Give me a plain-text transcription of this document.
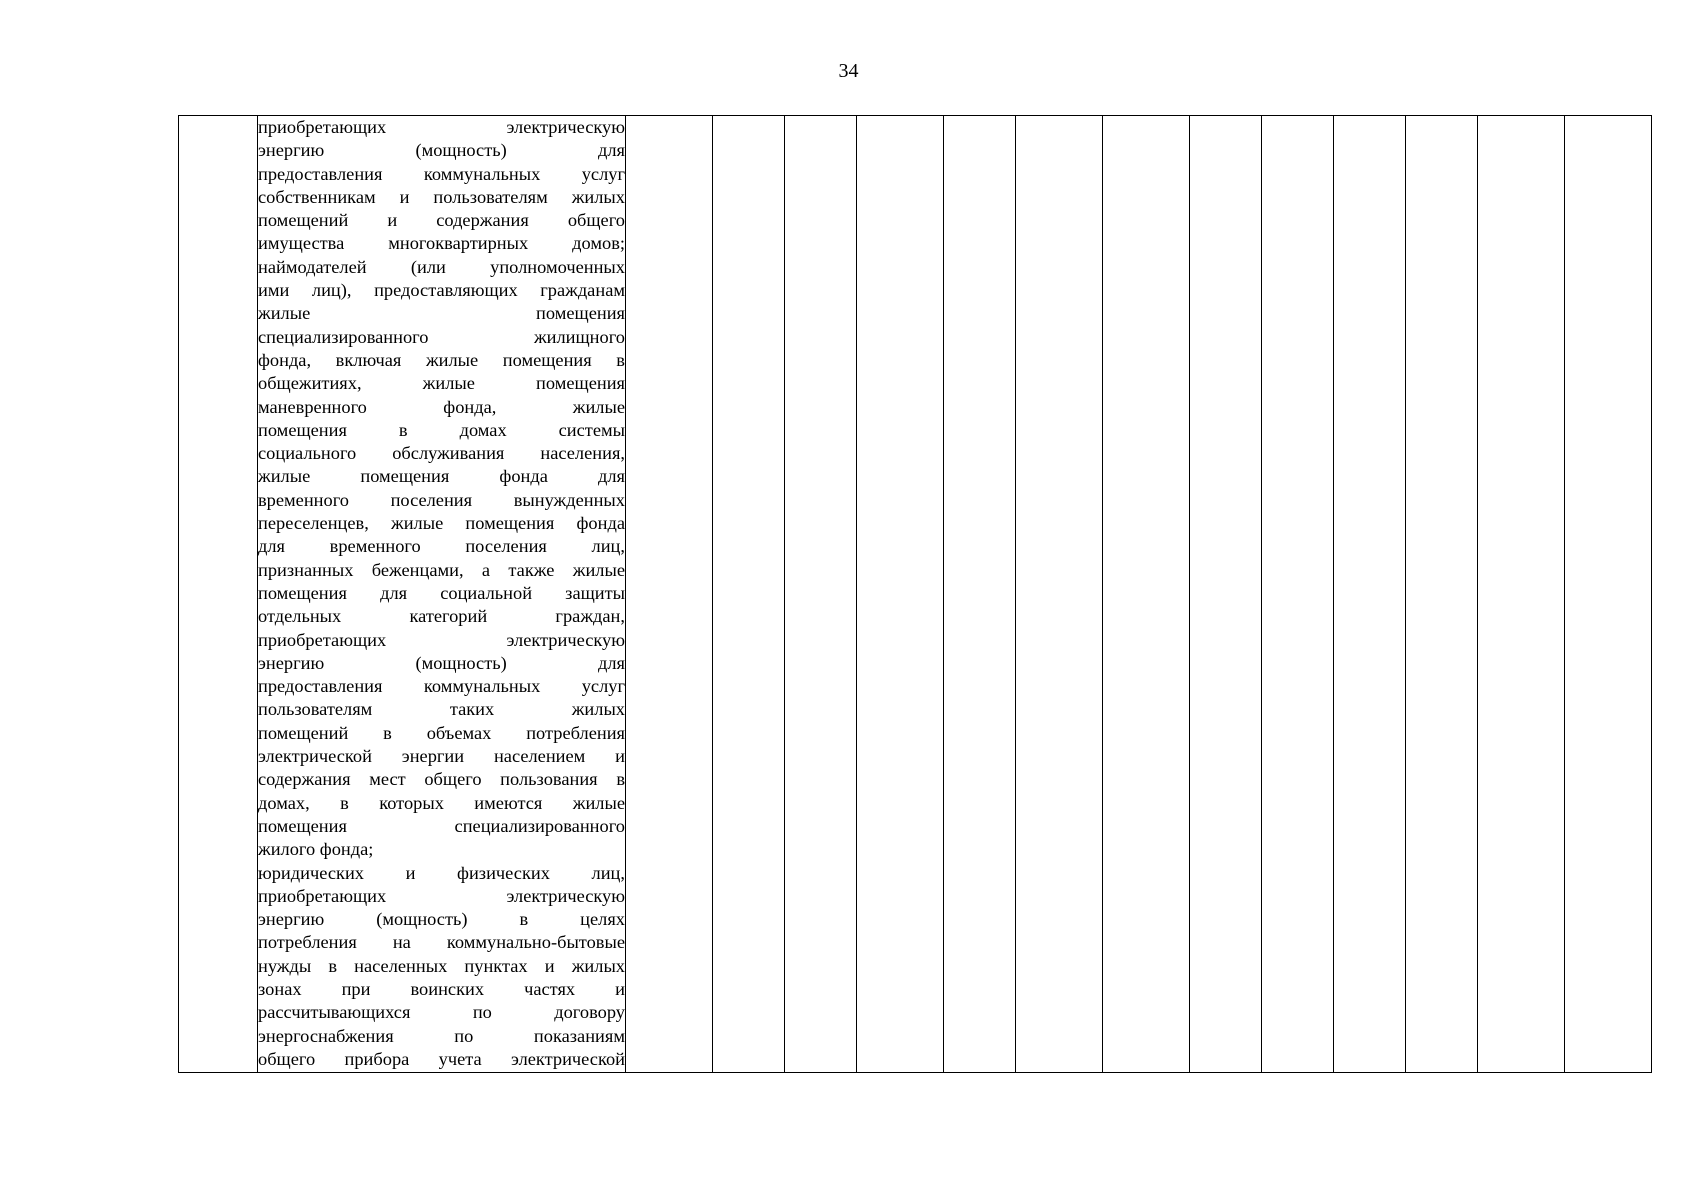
34

приобретающих электрическую
энергию (мощность) для
предоставления коммунальных услуг
собственникам и пользователям жилых
помещений и содержания общего
имущества многоквартирных домов;
наймодателей (или уполномоченных
ими лиц), предоставляющих гражданам
жилые помещения
специализированного жилищного
фонда, включая жилые помещения в
общежитиях, жилые помещения
маневренного фонда, жилые
помещения в домах системы
социального обслуживания населения,
жилые помещения фонда для
временного поселения вынужденных
переселенцев, жилые помещения фонда
для временного поселения лиц,
признанных беженцами, а также жилые
помещения для социальной защиты
отдельных категорий граждан,
приобретающих электрическую
энергию (мощность) для
предоставления коммунальных услуг
пользователям таких жилых
помещений в объемах потребления
электрической энергии населением и
содержания мест общего пользования в
домах, в которых имеются жилые
помещения специализированного
жилого фонда;
юридических и физических лиц,
приобретающих электрическую
энергию (мощность) в целях
потребления на коммунально-бытовые
нужды в населенных пунктах и жилых
зонах при воинских частях и
рассчитывающихся по договору
энергоснабжения по показаниям
общего прибора учета электрической
